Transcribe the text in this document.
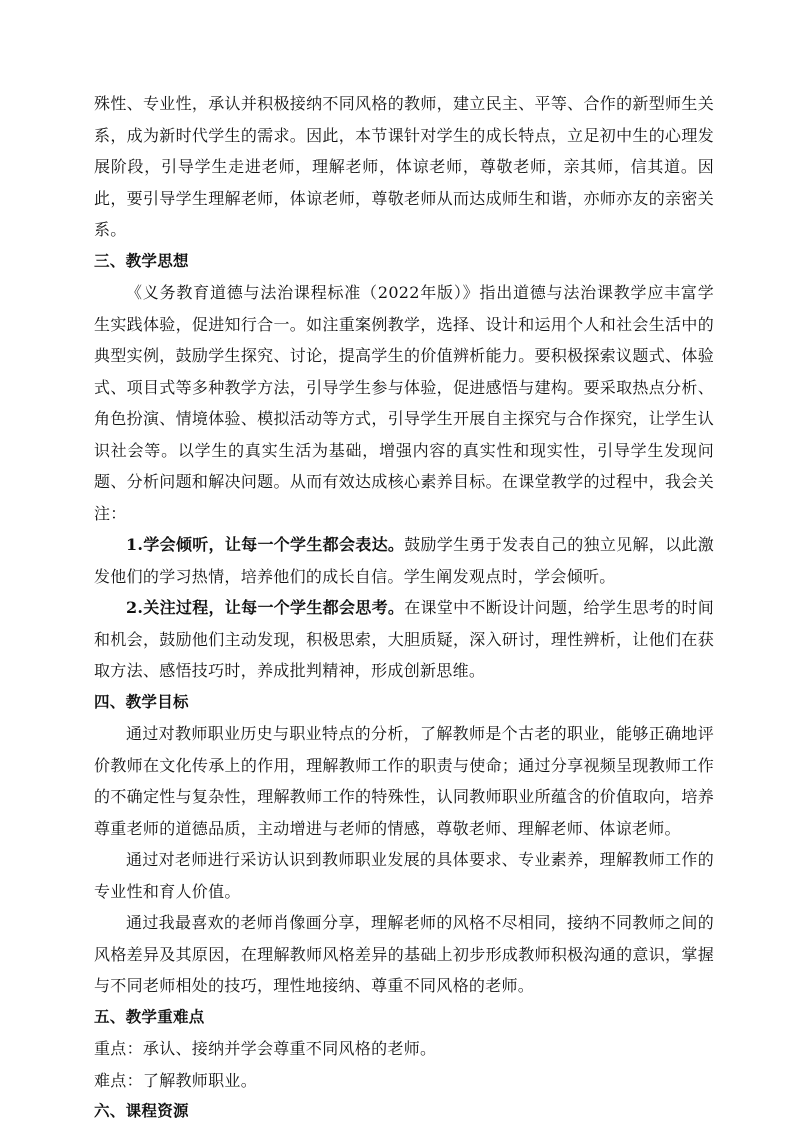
殊性、专业性，承认并积极接纳不同风格的教师，建立民主、平等、合作的新型师生关系，成为新时代学生的需求。因此，本节课针对学生的成长特点，立足初中生的心理发展阶段，引导学生走进老师，理解老师，体谅老师，尊敬老师，亲其师，信其道。因此，要引导学生理解老师，体谅老师，尊敬老师从而达成师生和谐，亦师亦友的亲密关系。

三、教学思想

《义务教育道德与法治课程标准（2022年版）》指出道德与法治课教学应丰富学生实践体验，促进知行合一。如注重案例教学，选择、设计和运用个人和社会生活中的典型实例，鼓励学生探究、讨论，提高学生的价值辨析能力。要积极探索议题式、体验式、项目式等多种教学方法，引导学生参与体验，促进感悟与建构。要采取热点分析、角色扮演、情境体验、模拟活动等方式，引导学生开展自主探究与合作探究，让学生认识社会等。以学生的真实生活为基础，增强内容的真实性和现实性，引导学生发现问题、分析问题和解决问题。从而有效达成核心素养目标。在课堂教学的过程中，我会关注：

1.学会倾听，让每一个学生都会表达。鼓励学生勇于发表自己的独立见解，以此激发他们的学习热情，培养他们的成长自信。学生阐发观点时，学会倾听。

2.关注过程，让每一个学生都会思考。在课堂中不断设计问题，给学生思考的时间和机会，鼓励他们主动发现，积极思索，大胆质疑，深入研讨，理性辨析，让他们在获取方法、感悟技巧时，养成批判精神，形成创新思维。

四、教学目标

通过对教师职业历史与职业特点的分析，了解教师是个古老的职业，能够正确地评价教师在文化传承上的作用，理解教师工作的职责与使命；通过分享视频呈现教师工作的不确定性与复杂性，理解教师工作的特殊性，认同教师职业所蕴含的价值取向，培养尊重老师的道德品质，主动增进与老师的情感，尊敬老师、理解老师、体谅老师。

通过对老师进行采访认识到教师职业发展的具体要求、专业素养，理解教师工作的专业性和育人价值。

通过我最喜欢的老师肖像画分享，理解老师的风格不尽相同，接纳不同教师之间的风格差异及其原因，在理解教师风格差异的基础上初步形成教师积极沟通的意识，掌握与不同老师相处的技巧，理性地接纳、尊重不同风格的老师。

五、教学重难点

重点：承认、接纳并学会尊重不同风格的老师。

难点：了解教师职业。

六、课程资源
